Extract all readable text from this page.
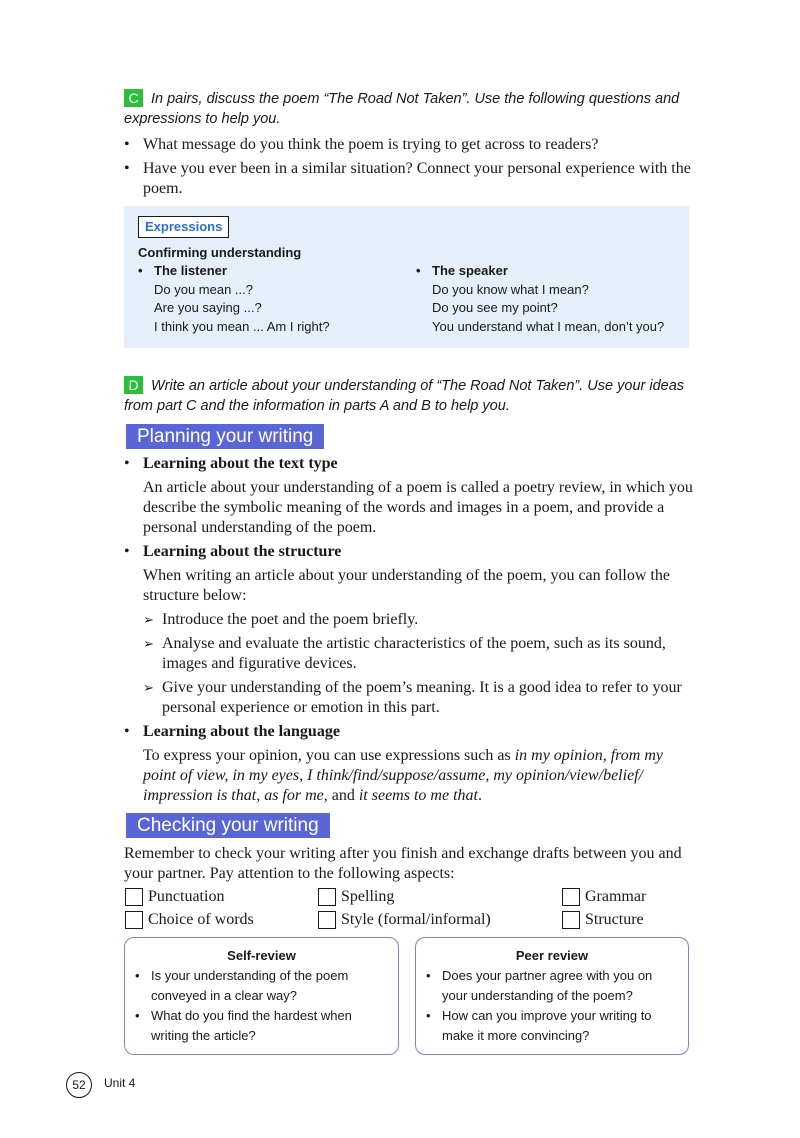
C In pairs, discuss the poem “The Road Not Taken”. Use the following questions and expressions to help you.
• What message do you think the poem is trying to get across to readers?
• Have you ever been in a similar situation? Connect your personal experience with the poem.
Expressions
Confirming understanding
• The listener
Do you mean ...?
Are you saying ...?
I think you mean ... Am I right?
• The speaker
Do you know what I mean?
Do you see my point?
You understand what I mean, don’t you?
D Write an article about your understanding of “The Road Not Taken”. Use your ideas from part C and the information in parts A and B to help you.
Planning your writing
• Learning about the text type
An article about your understanding of a poem is called a poetry review, in which you describe the symbolic meaning of the words and images in a poem, and provide a personal understanding of the poem.
• Learning about the structure
When writing an article about your understanding of the poem, you can follow the structure below:
➢ Introduce the poet and the poem briefly.
➢ Analyse and evaluate the artistic characteristics of the poem, such as its sound, images and figurative devices.
➢ Give your understanding of the poem’s meaning. It is a good idea to refer to your personal experience or emotion in this part.
• Learning about the language
To express your opinion, you can use expressions such as in my opinion, from my point of view, in my eyes, I think/find/suppose/assume, my opinion/view/belief/ impression is that, as for me, and it seems to me that.
Checking your writing
Remember to check your writing after you finish and exchange drafts between you and your partner. Pay attention to the following aspects:
Punctuation	Spelling	Grammar
Choice of words	Style (formal/informal)	Structure
Self-review
• Is your understanding of the poem conveyed in a clear way?
• What do you find the hardest when writing the article?
Peer review
• Does your partner agree with you on your understanding of the poem?
• How can you improve your writing to make it more convincing?
52	Unit 4
